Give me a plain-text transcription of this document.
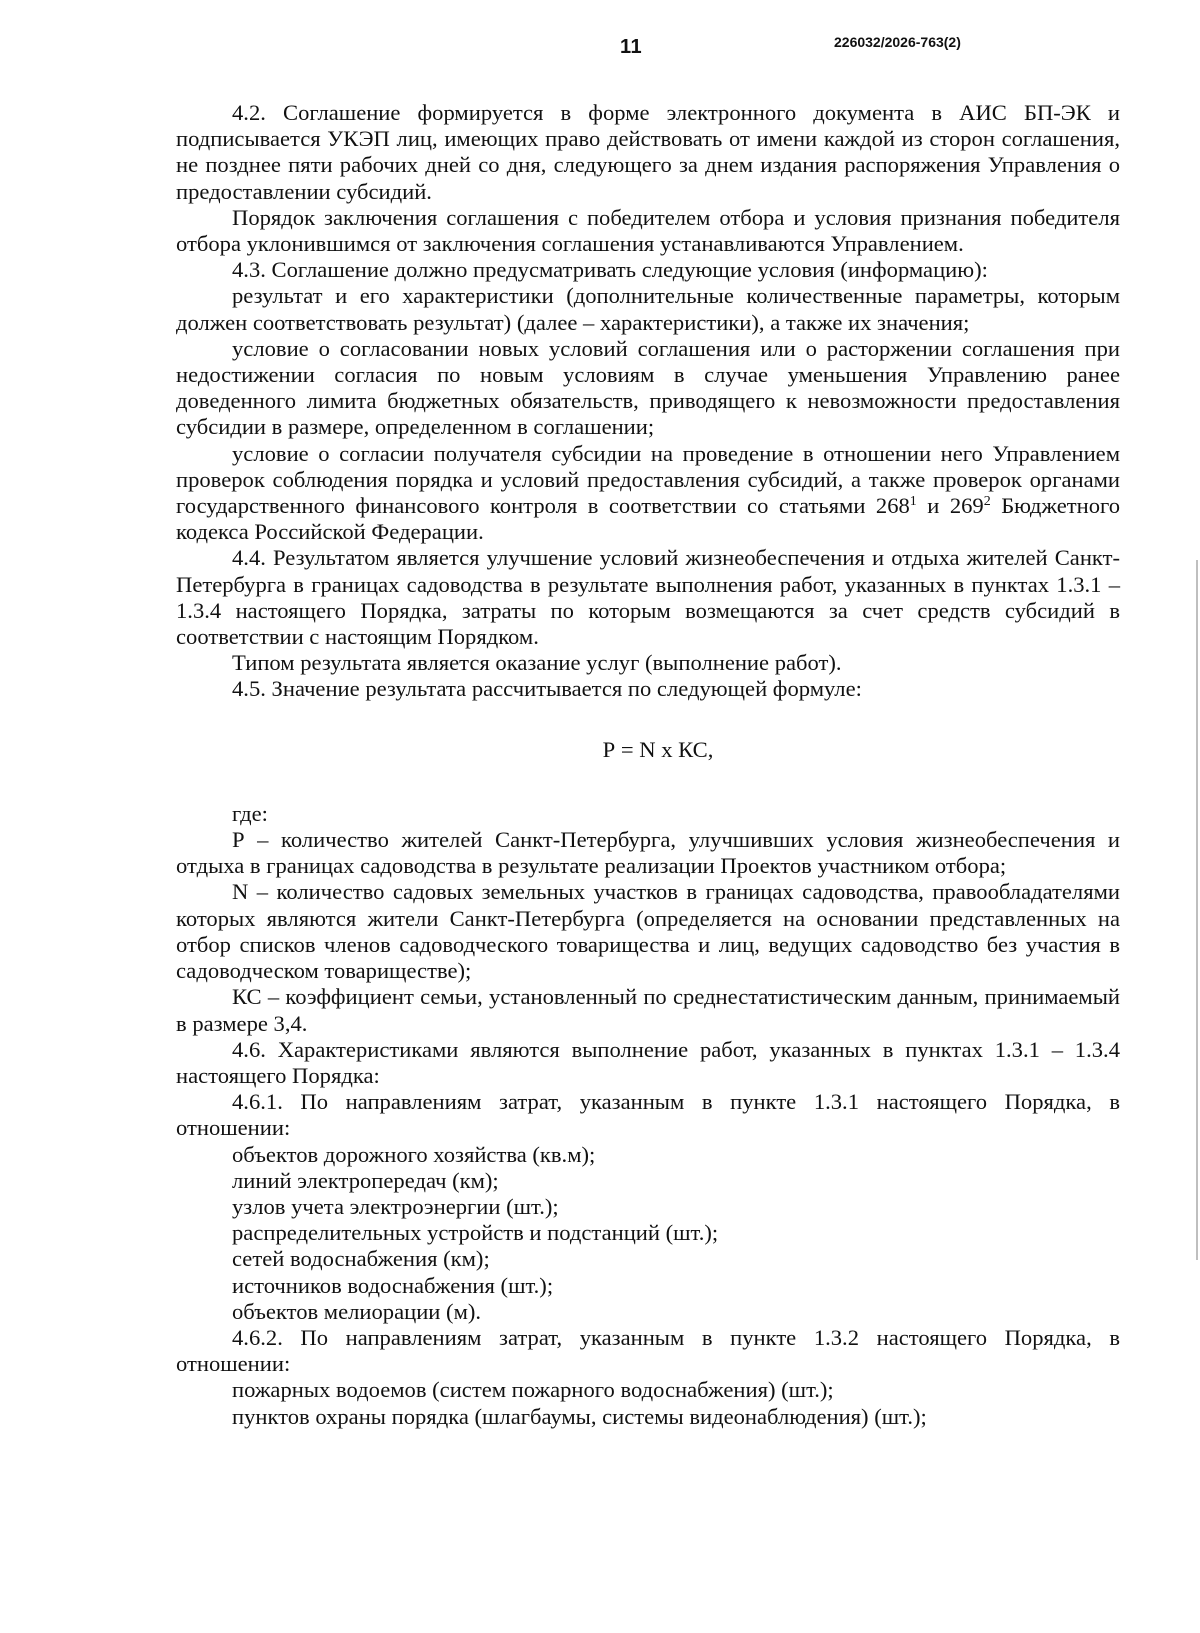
11	226032/2026-763(2)

4.2. Соглашение формируется в форме электронного документа в АИС БП-ЭК и подписывается УКЭП лиц, имеющих право действовать от имени каждой из сторон соглашения, не позднее пяти рабочих дней со дня, следующего за днем издания распоряжения Управления о предоставлении субсидий.

Порядок заключения соглашения с победителем отбора и условия признания победителя отбора уклонившимся от заключения соглашения устанавливаются Управлением.

4.3. Соглашение должно предусматривать следующие условия (информацию):

результат и его характеристики (дополнительные количественные параметры, которым должен соответствовать результат) (далее – характеристики), а также их значения;

условие о согласовании новых условий соглашения или о расторжении соглашения при недостижении согласия по новым условиям в случае уменьшения Управлению ранее доведенного лимита бюджетных обязательств, приводящего к невозможности предоставления субсидии в размере, определенном в соглашении;

условие о согласии получателя субсидии на проведение в отношении него Управлением проверок соблюдения порядка и условий предоставления субсидий, а также проверок органами государственного финансового контроля в соответствии со статьями $268^1$ и $269^2$ Бюджетного кодекса Российской Федерации.

4.4. Результатом является улучшение условий жизнеобеспечения и отдыха жителей Санкт-Петербурга в границах садоводства в результате выполнения работ, указанных в пунктах 1.3.1 – 1.3.4 настоящего Порядка, затраты по которым возмещаются за счет средств субсидий в соответствии с настоящим Порядком.

Типом результата является оказание услуг (выполнение работ).

4.5. Значение результата рассчитывается по следующей формуле:

Р = N x КС,

где:

Р – количество жителей Санкт-Петербурга, улучшивших условия жизнеобеспечения и отдыха в границах садоводства в результате реализации Проектов участником отбора;

N – количество садовых земельных участков в границах садоводства, правообладателями которых являются жители Санкт-Петербурга (определяется на основании представленных на отбор списков членов садоводческого товарищества и лиц, ведущих садоводство без участия в садоводческом товариществе);

КС – коэффициент семьи, установленный по среднестатистическим данным, принимаемый в размере 3,4.

4.6. Характеристиками являются выполнение работ, указанных в пунктах 1.3.1 – 1.3.4 настоящего Порядка:

4.6.1. По направлениям затрат, указанным в пункте 1.3.1 настоящего Порядка, в отношении:

объектов дорожного хозяйства (кв.м);

линий электропередач (км);

узлов учета электроэнергии (шт.);

распределительных устройств и подстанций (шт.);

сетей водоснабжения (км);

источников водоснабжения (шт.);

объектов мелиорации (м).

4.6.2. По направлениям затрат, указанным в пункте 1.3.2 настоящего Порядка, в отношении:

пожарных водоемов (систем пожарного водоснабжения) (шт.);

пунктов охраны порядка (шлагбаумы, системы видеонаблюдения) (шт.);
